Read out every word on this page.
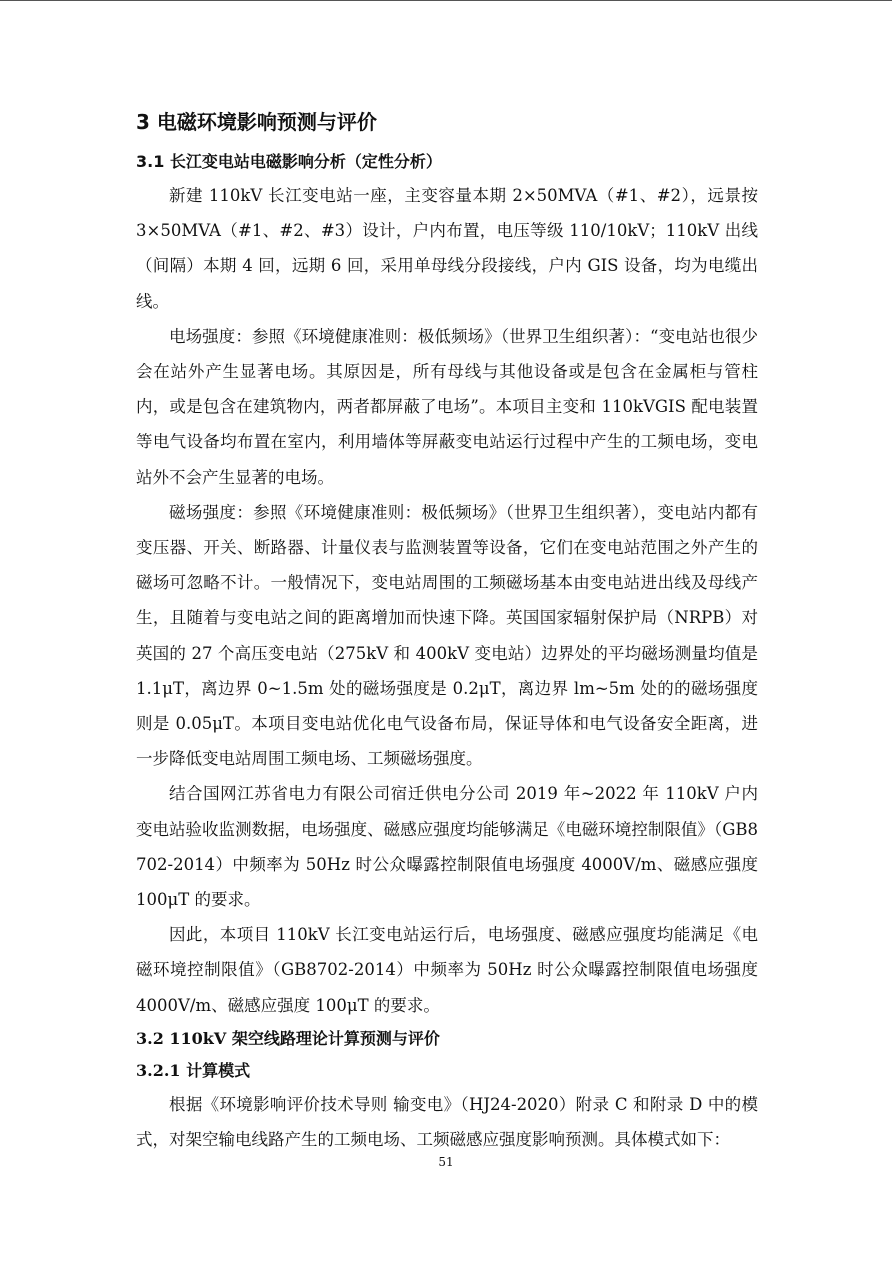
3 电磁环境影响预测与评价
3.1 长江变电站电磁影响分析（定性分析）

新建 110kV 长江变电站一座，主变容量本期 2×50MVA（#1、#2），远景按 3×50MVA（#1、#2、#3）设计，户内布置，电压等级 110/10kV；110kV 出线（间隔）本期 4 回，远期 6 回，采用单母线分段接线，户内 GIS 设备，均为电缆出线。

电场强度：参照《环境健康准则：极低频场》（世界卫生组织著）：“变电站也很少会在站外产生显著电场。其原因是，所有母线与其他设备或是包含在金属柜与管柱内，或是包含在建筑物内，两者都屏蔽了电场”。本项目主变和 110kVGIS 配电装置等电气设备均布置在室内，利用墙体等屏蔽变电站运行过程中产生的工频电场，变电站外不会产生显著的电场。

磁场强度：参照《环境健康准则：极低频场》（世界卫生组织著），变电站内都有变压器、开关、断路器、计量仪表与监测装置等设备，它们在变电站范围之外产生的磁场可忽略不计。一般情况下，变电站周围的工频磁场基本由变电站进出线及母线产生，且随着与变电站之间的距离增加而快速下降。英国国家辐射保护局（NRPB）对英国的 27 个高压变电站（275kV 和 400kV 变电站）边界处的平均磁场测量均值是 1.1μT，离边界 0~1.5m 处的磁场强度是 0.2μT，离边界 lm~5m 处的的磁场强度则是 0.05μT。本项目变电站优化电气设备布局，保证导体和电气设备安全距离，进一步降低变电站周围工频电场、工频磁场强度。

结合国网江苏省电力有限公司宿迁供电分公司 2019 年~2022 年 110kV 户内变电站验收监测数据，电场强度、磁感应强度均能够满足《电磁环境控制限值》（GB8702-2014）中频率为 50Hz 时公众曝露控制限值电场强度 4000V/m、磁感应强度 100μT 的要求。

因此，本项目 110kV 长江变电站运行后，电场强度、磁感应强度均能满足《电磁环境控制限值》（GB8702-2014）中频率为 50Hz 时公众曝露控制限值电场强度 4000V/m、磁感应强度 100μT 的要求。

3.2 110kV 架空线路理论计算预测与评价
3.2.1 计算模式

根据《环境影响评价技术导则 输变电》（HJ24-2020）附录 C 和附录 D 中的模式，对架空输电线路产生的工频电场、工频磁感应强度影响预测。具体模式如下：

51
